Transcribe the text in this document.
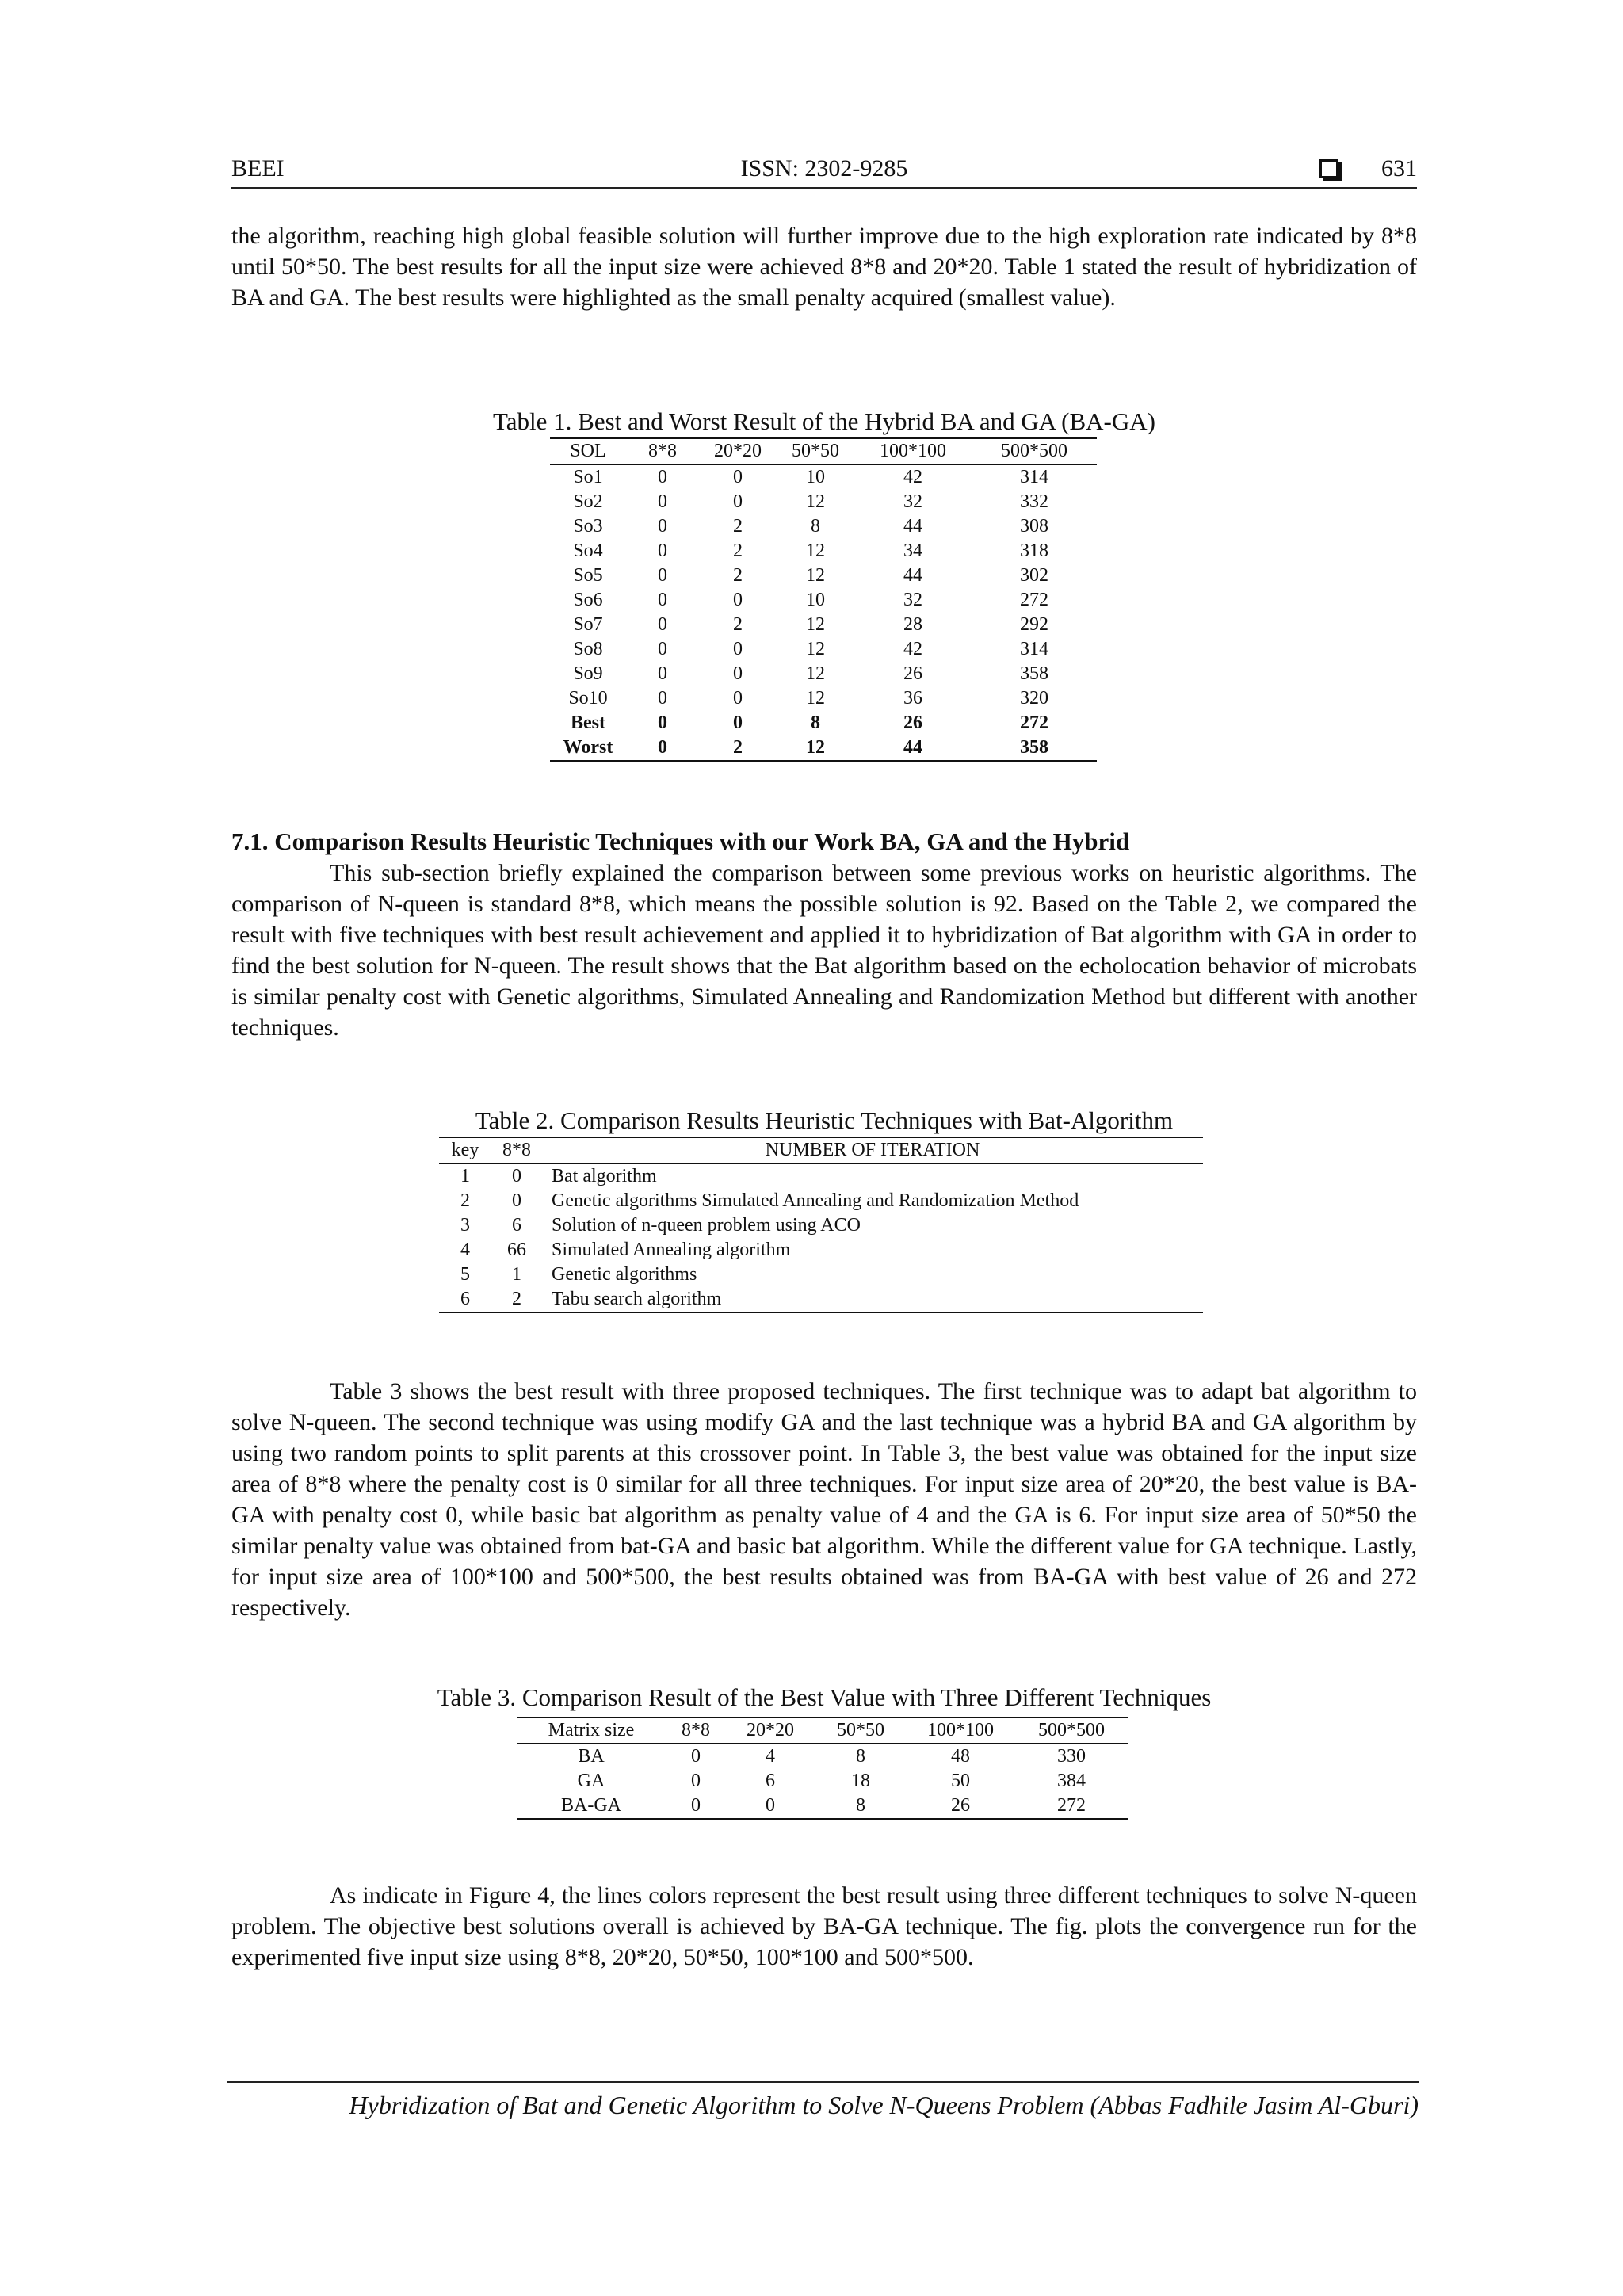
BEEI	ISSN: 2302-9285	631

the algorithm, reaching high global feasible solution will further improve due to the high exploration rate indicated by 8*8 until 50*50. The best results for all the input size were achieved 8*8 and 20*20. Table 1 stated the result of hybridization of BA and GA. The best results were highlighted as the small penalty acquired (smallest value).

Table 1. Best and Worst Result of the Hybrid BA and GA (BA-GA)
SOL	8*8	20*20	50*50	100*100	500*500
So1	0	0	10	42	314
So2	0	0	12	32	332
So3	0	2	8	44	308
So4	0	2	12	34	318
So5	0	2	12	44	302
So6	0	0	10	32	272
So7	0	2	12	28	292
So8	0	0	12	42	314
So9	0	0	12	26	358
So10	0	0	12	36	320
Best	0	0	8	26	272
Worst	0	2	12	44	358
7.1. Comparison Results Heuristic Techniques with our Work BA, GA and the Hybrid

This sub-section briefly explained the comparison between some previous works on heuristic algorithms. The comparison of N-queen is standard 8*8, which means the possible solution is 92. Based on the Table 2, we compared the result with five techniques with best result achievement and applied it to hybridization of Bat algorithm with GA in order to find the best solution for N-queen. The result shows that the Bat algorithm based on the echolocation behavior of microbats is similar penalty cost with Genetic algorithms, Simulated Annealing and Randomization Method but different with another techniques.

Table 2. Comparison Results Heuristic Techniques with Bat-Algorithm
key	8*8	NUMBER OF ITERATION
1	0	Bat algorithm
2	0	Genetic algorithms Simulated Annealing and Randomization Method
3	6	Solution of n-queen problem using ACO
4	66	Simulated Annealing algorithm
5	1	Genetic algorithms
6	2	Tabu search algorithm

Table 3 shows the best result with three proposed techniques. The first technique was to adapt bat algorithm to solve N-queen. The second technique was using modify GA and the last technique was a hybrid BA and GA algorithm by using two random points to split parents at this crossover point. In Table 3, the best value was obtained for the input size area of 8*8 where the penalty cost is 0 similar for all three techniques. For input size area of 20*20, the best value is BA-GA with penalty cost 0, while basic bat algorithm as penalty value of 4 and the GA is 6. For input size area of 50*50 the similar penalty value was obtained from bat-GA and basic bat algorithm. While the different value for GA technique. Lastly, for input size area of 100*100 and 500*500, the best results obtained was from BA-GA with best value of 26 and 272 respectively.

Table 3. Comparison Result of the Best Value with Three Different Techniques
Matrix size	8*8	20*20	50*50	100*100	500*500
BA	0	4	8	48	330
GA	0	6	18	50	384
BA-GA	0	0	8	26	272

As indicate in Figure 4, the lines colors represent the best result using three different techniques to solve N-queen problem. The objective best solutions overall is achieved by BA-GA technique. The fig. plots the convergence run for the experimented five input size using 8*8, 20*20, 50*50, 100*100 and 500*500.

Hybridization of Bat and Genetic Algorithm to Solve N-Queens Problem (Abbas Fadhile Jasim Al-Gburi)
